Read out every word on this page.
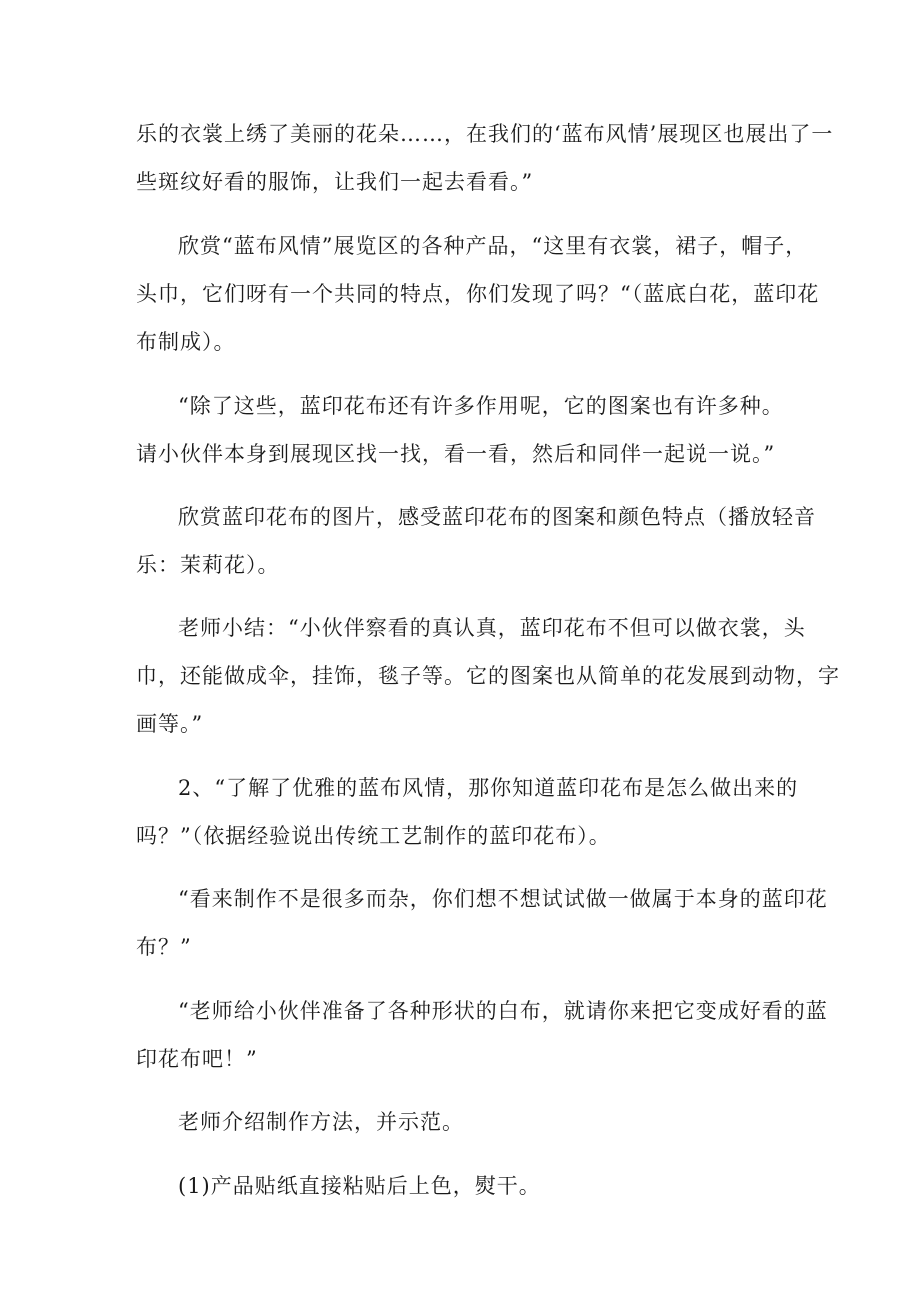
乐的衣裳上绣了美丽的花朵……，在我们的‘蓝布风情’展现区也展出了一
些斑纹好看的服饰，让我们一起去看看。”
欣赏“蓝布风情”展览区的各种产品，“这里有衣裳，裙子，帽子，
头巾，它们呀有一个共同的特点，你们发现了吗？“（蓝底白花，蓝印花
布制成）。
“除了这些，蓝印花布还有许多作用呢，它的图案也有许多种。
请小伙伴本身到展现区找一找，看一看，然后和同伴一起说一说。”
欣赏蓝印花布的图片，感受蓝印花布的图案和颜色特点（播放轻音
乐：茉莉花）。
老师小结：“小伙伴察看的真认真，蓝印花布不但可以做衣裳，头
巾，还能做成伞，挂饰，毯子等。它的图案也从简单的花发展到动物，字
画等。”
2、“了解了优雅的蓝布风情，那你知道蓝印花布是怎么做出来的
吗？”（依据经验说出传统工艺制作的蓝印花布）。
“看来制作不是很多而杂，你们想不想试试做一做属于本身的蓝印花
布？”
“老师给小伙伴准备了各种形状的白布，就请你来把它变成好看的蓝
印花布吧！”
老师介绍制作方法，并示范。
(1)产品贴纸直接粘贴后上色，熨干。
